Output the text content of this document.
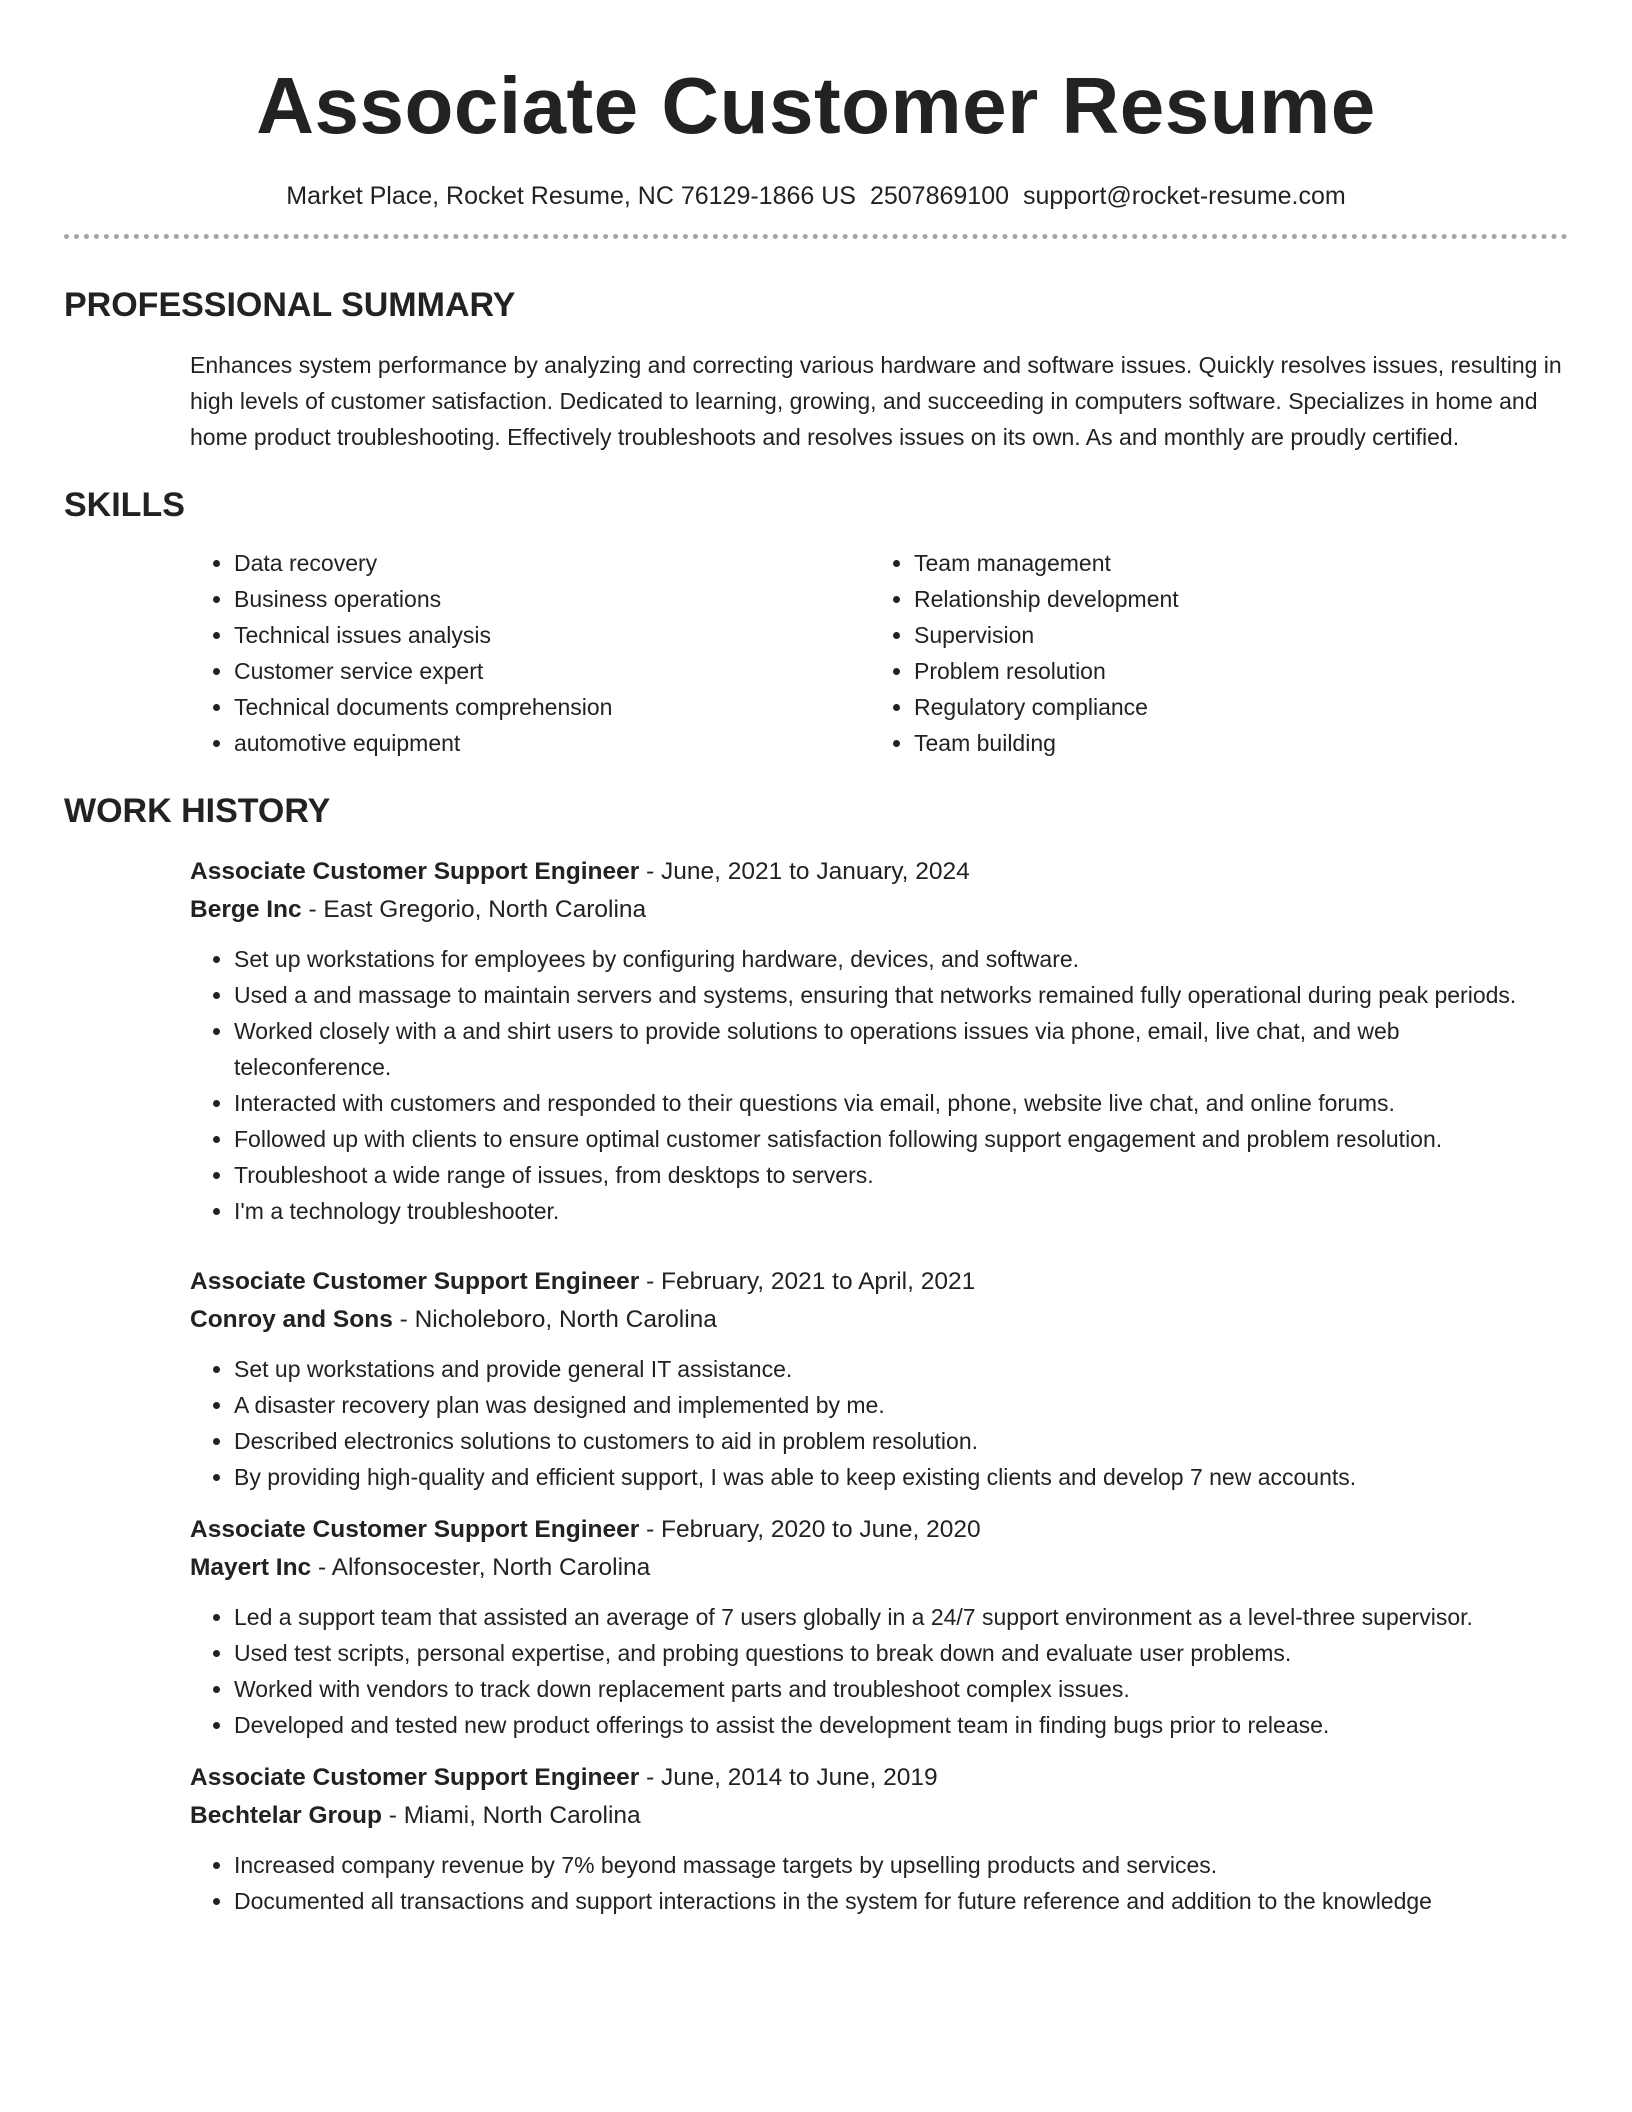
Associate Customer Resume
Market Place, Rocket Resume, NC 76129-1866 US 2507869100 support@rocket-resume.com
PROFESSIONAL SUMMARY
Enhances system performance by analyzing and correcting various hardware and software issues. Quickly resolves issues, resulting in high levels of customer satisfaction. Dedicated to learning, growing, and succeeding in computers software. Specializes in home and home product troubleshooting. Effectively troubleshoots and resolves issues on its own. As and monthly are proudly certified.
SKILLS
• Data recovery
• Business operations
• Technical issues analysis
• Customer service expert
• Technical documents comprehension
• automotive equipment
• Team management
• Relationship development
• Supervision
• Problem resolution
• Regulatory compliance
• Team building
WORK HISTORY
Associate Customer Support Engineer - June, 2021 to January, 2024
Berge Inc - East Gregorio, North Carolina
• Set up workstations for employees by configuring hardware, devices, and software.
• Used a and massage to maintain servers and systems, ensuring that networks remained fully operational during peak periods.
• Worked closely with a and shirt users to provide solutions to operations issues via phone, email, live chat, and web teleconference.
• Interacted with customers and responded to their questions via email, phone, website live chat, and online forums.
• Followed up with clients to ensure optimal customer satisfaction following support engagement and problem resolution.
• Troubleshoot a wide range of issues, from desktops to servers.
• I'm a technology troubleshooter.
Associate Customer Support Engineer - February, 2021 to April, 2021
Conroy and Sons - Nicholeboro, North Carolina
• Set up workstations and provide general IT assistance.
• A disaster recovery plan was designed and implemented by me.
• Described electronics solutions to customers to aid in problem resolution.
• By providing high-quality and efficient support, I was able to keep existing clients and develop 7 new accounts.
Associate Customer Support Engineer - February, 2020 to June, 2020
Mayert Inc - Alfonsocester, North Carolina
• Led a support team that assisted an average of 7 users globally in a 24/7 support environment as a level-three supervisor.
• Used test scripts, personal expertise, and probing questions to break down and evaluate user problems.
• Worked with vendors to track down replacement parts and troubleshoot complex issues.
• Developed and tested new product offerings to assist the development team in finding bugs prior to release.
Associate Customer Support Engineer - June, 2014 to June, 2019
Bechtelar Group - Miami, North Carolina
• Increased company revenue by 7% beyond massage targets by upselling products and services.
• Documented all transactions and support interactions in the system for future reference and addition to the knowledge
